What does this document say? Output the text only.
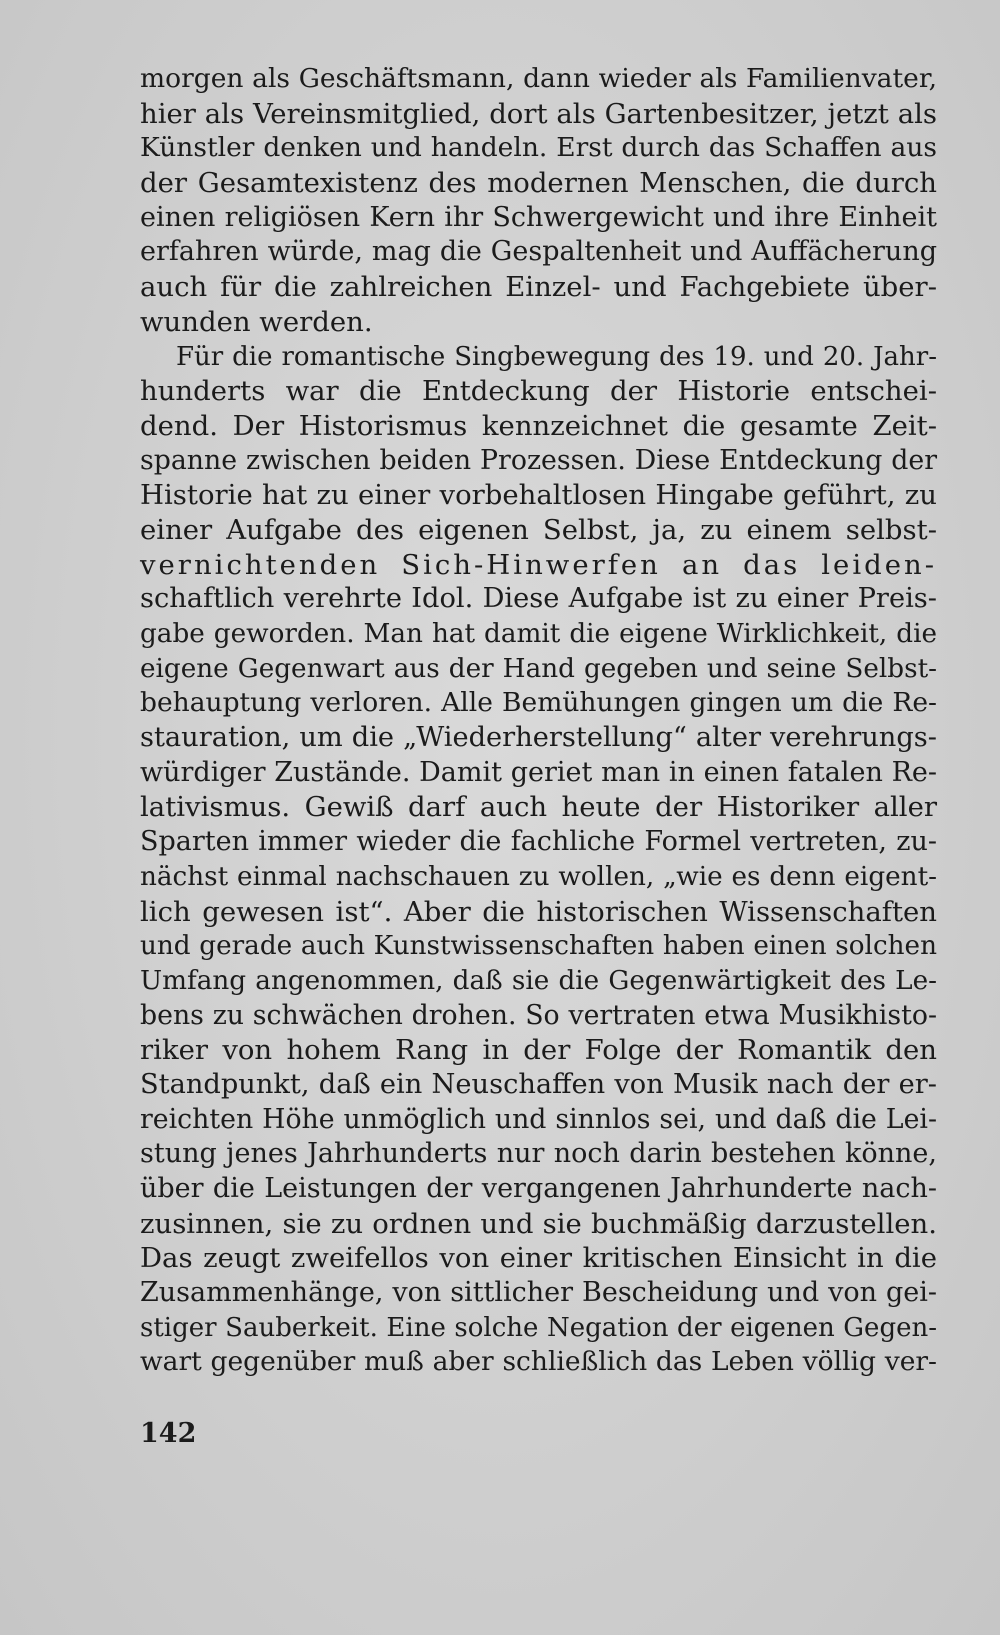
morgen als Geschäftsmann, dann wieder als Familienvater,
hier als Vereinsmitglied, dort als Gartenbesitzer, jetzt als
Künstler denken und handeln. Erst durch das Schaffen aus
der Gesamtexistenz des modernen Menschen, die durch
einen religiösen Kern ihr Schwergewicht und ihre Einheit
erfahren würde, mag die Gespaltenheit und Auffächerung
auch für die zahlreichen Einzel- und Fachgebiete über-
wunden werden.
Für die romantische Singbewegung des 19. und 20. Jahr-
hunderts war die Entdeckung der Historie entschei-
dend. Der Historismus kennzeichnet die gesamte Zeit-
spanne zwischen beiden Prozessen. Diese Entdeckung der
Historie hat zu einer vorbehaltlosen Hingabe geführt, zu
einer Aufgabe des eigenen Selbst, ja, zu einem selbst-
vernichtenden Sich-Hinwerfen an das leiden-
schaftlich verehrte Idol. Diese Aufgabe ist zu einer Preis-
gabe geworden. Man hat damit die eigene Wirklichkeit, die
eigene Gegenwart aus der Hand gegeben und seine Selbst-
behauptung verloren. Alle Bemühungen gingen um die Re-
stauration, um die „Wiederherstellung“ alter verehrungs-
würdiger Zustände. Damit geriet man in einen fatalen Re-
lativismus. Gewiß darf auch heute der Historiker aller
Sparten immer wieder die fachliche Formel vertreten, zu-
nächst einmal nachschauen zu wollen, „wie es denn eigent-
lich gewesen ist“. Aber die historischen Wissenschaften
und gerade auch Kunstwissenschaften haben einen solchen
Umfang angenommen, daß sie die Gegenwärtigkeit des Le-
bens zu schwächen drohen. So vertraten etwa Musikhisto-
riker von hohem Rang in der Folge der Romantik den
Standpunkt, daß ein Neuschaffen von Musik nach der er-
reichten Höhe unmöglich und sinnlos sei, und daß die Lei-
stung jenes Jahrhunderts nur noch darin bestehen könne,
über die Leistungen der vergangenen Jahrhunderte nach-
zusinnen, sie zu ordnen und sie buchmäßig darzustellen.
Das zeugt zweifellos von einer kritischen Einsicht in die
Zusammenhänge, von sittlicher Bescheidung und von gei-
stiger Sauberkeit. Eine solche Negation der eigenen Gegen-
wart gegenüber muß aber schließlich das Leben völlig ver-
142
